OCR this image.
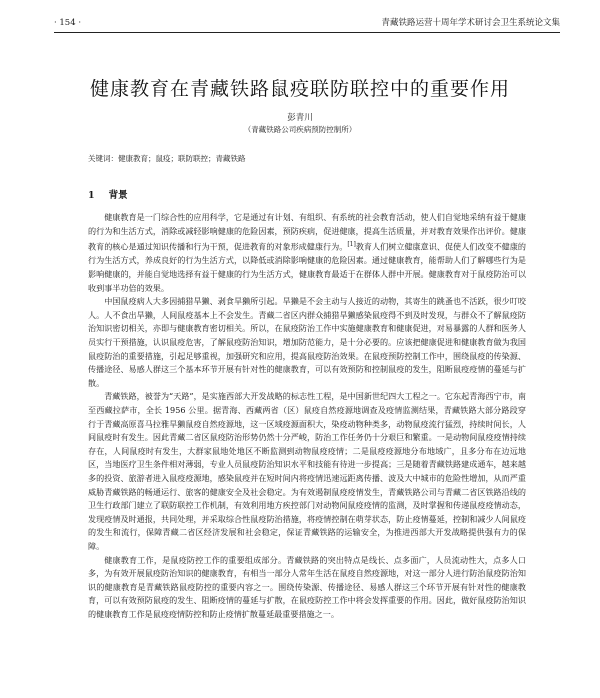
· 154 ·	青藏铁路运营十周年学术研讨会卫生系统论文集
健康教育在青藏铁路鼠疫联防联控中的重要作用
彭青川
（青藏铁路公司疾病预防控制所）
关键词：健康教育；鼠疫；联防联控；青藏铁路
1 背景

健康教育是一门综合性的应用科学，它是通过有计划、有组织、有系统的社会教育活动，使人们自觉地采纳有益于健康的行为和生活方式，消除或减轻影响健康的危险因素，预防疾病，促进健康，提高生活质量，并对教育效果作出评价。健康教育的核心是通过知识传播和行为干预，促进教育的对象形成健康行为。[1]教育人们树立健康意识、促使人们改变不健康的行为生活方式，养成良好的行为生活方式，以降低或消除影响健康的危险因素。通过健康教育，能帮助人们了解哪些行为是影响健康的，并能自觉地选择有益于健康的行为生活方式，健康教育最适于在群体人群中开展。健康教育对于鼠疫防治可以收到事半功倍的效果。

中国鼠疫病人大多因捕猎旱獭、剥食旱獭所引起。旱獭是不会主动与人接近的动物，其寄生的跳蚤也不活跃，很少叮咬人。人不食出旱獭，人间鼠疫基本上不会发生。青藏二省区内群众捕猎旱獭感染鼠疫得不到及时发现，与群众不了解鼠疫防治知识密切相关，亦即与健康教育密切相关。所以，在鼠疫防治工作中实施健康教育和健康促进，对易暴露的人群和医务人员实行干预措施，认识鼠疫危害，了解鼠疫防治知识，增加防范能力，是十分必要的。应该把健康促进和健康教育做为我国鼠疫防治的重要措施，引起足够重视，加强研究和应用，提高鼠疫防治效果。在鼠疫预防控制工作中，围绕鼠疫的传染源、传播途径、易感人群这三个基本环节开展有针对性的健康教育，可以有效预防和控制鼠疫的发生，阻断鼠疫疫情的蔓延与扩散。

青藏铁路，被誉为“天路”，是实施西部大开发战略的标志性工程，是中国新世纪四大工程之一。它东起青海西宁市，南至西藏拉萨市，全长 1956 公里。据青海、西藏两省（区）鼠疫自然疫源地调查及疫情监测结果，青藏铁路大部分路段穿行于青藏高原喜马拉雅旱獭鼠疫自然疫源地，这一区域疫源面积大，染疫动物种类多，动物鼠疫流行猛烈，持续时间长，人间鼠疫时有发生。因此青藏二省区鼠疫防治形势仍然十分严峻，防治工作任务仍十分艰巨和繁重。一是动物间鼠疫疫情持续存在，人间鼠疫时有发生，大群家鼠地处地区不断监测到动物鼠疫疫情；二是鼠疫疫源地分布地域广，且多分布在边远地区，当地医疗卫生条件相对薄弱，专业人员鼠疫防治知识水平和技能有待进一步提高；三是随着青藏铁路建成通车，越来越多的投资、旅游者进入鼠疫疫源地，感染鼠疫并在短时间内将疫情迅速远距离传播、波及大中城市的危险性增加，从而严重威胁青藏铁路的畅通运行、旅客的健康安全及社会稳定。为有效遏制鼠疫疫情发生，青藏铁路公司与青藏二省区铁路沿线的卫生行政部门建立了联防联控工作机制，有效利用地方疾控部门对动物间鼠疫疫情的监测，及时掌握和传递鼠疫疫情动态，发现疫情及时通报，共同处理，并采取综合性鼠疫防治措施，将疫情控制在萌芽状态，防止疫情蔓延，控制和减少人间鼠疫的发生和流行，保障青藏二省区经济发展和社会稳定，保证青藏铁路的运输安全，为推进西部大开发战略提供强有力的保障。

健康教育工作，是鼠疫防控工作的重要组成部分。青藏铁路的突出特点是线长、点多面广，人员流动性大，点多人口多，为有效开展鼠疫防治知识的健康教育，有相当一部分人常年生活在鼠疫自然疫源地，对这一部分人进行防治鼠疫防治知识的健康教育是青藏铁路鼠疫防控的重要内容之一。围绕传染源、传播途径、易感人群这三个环节开展有针对性的健康教育，可以有效预防鼠疫的发生、阻断疫情的蔓延与扩散，在鼠疫防控工作中将会发挥重要的作用。因此，做好鼠疫防治知识的健康教育工作是鼠疫疫情防控和防止疫情扩散蔓延最重要措施之一。
